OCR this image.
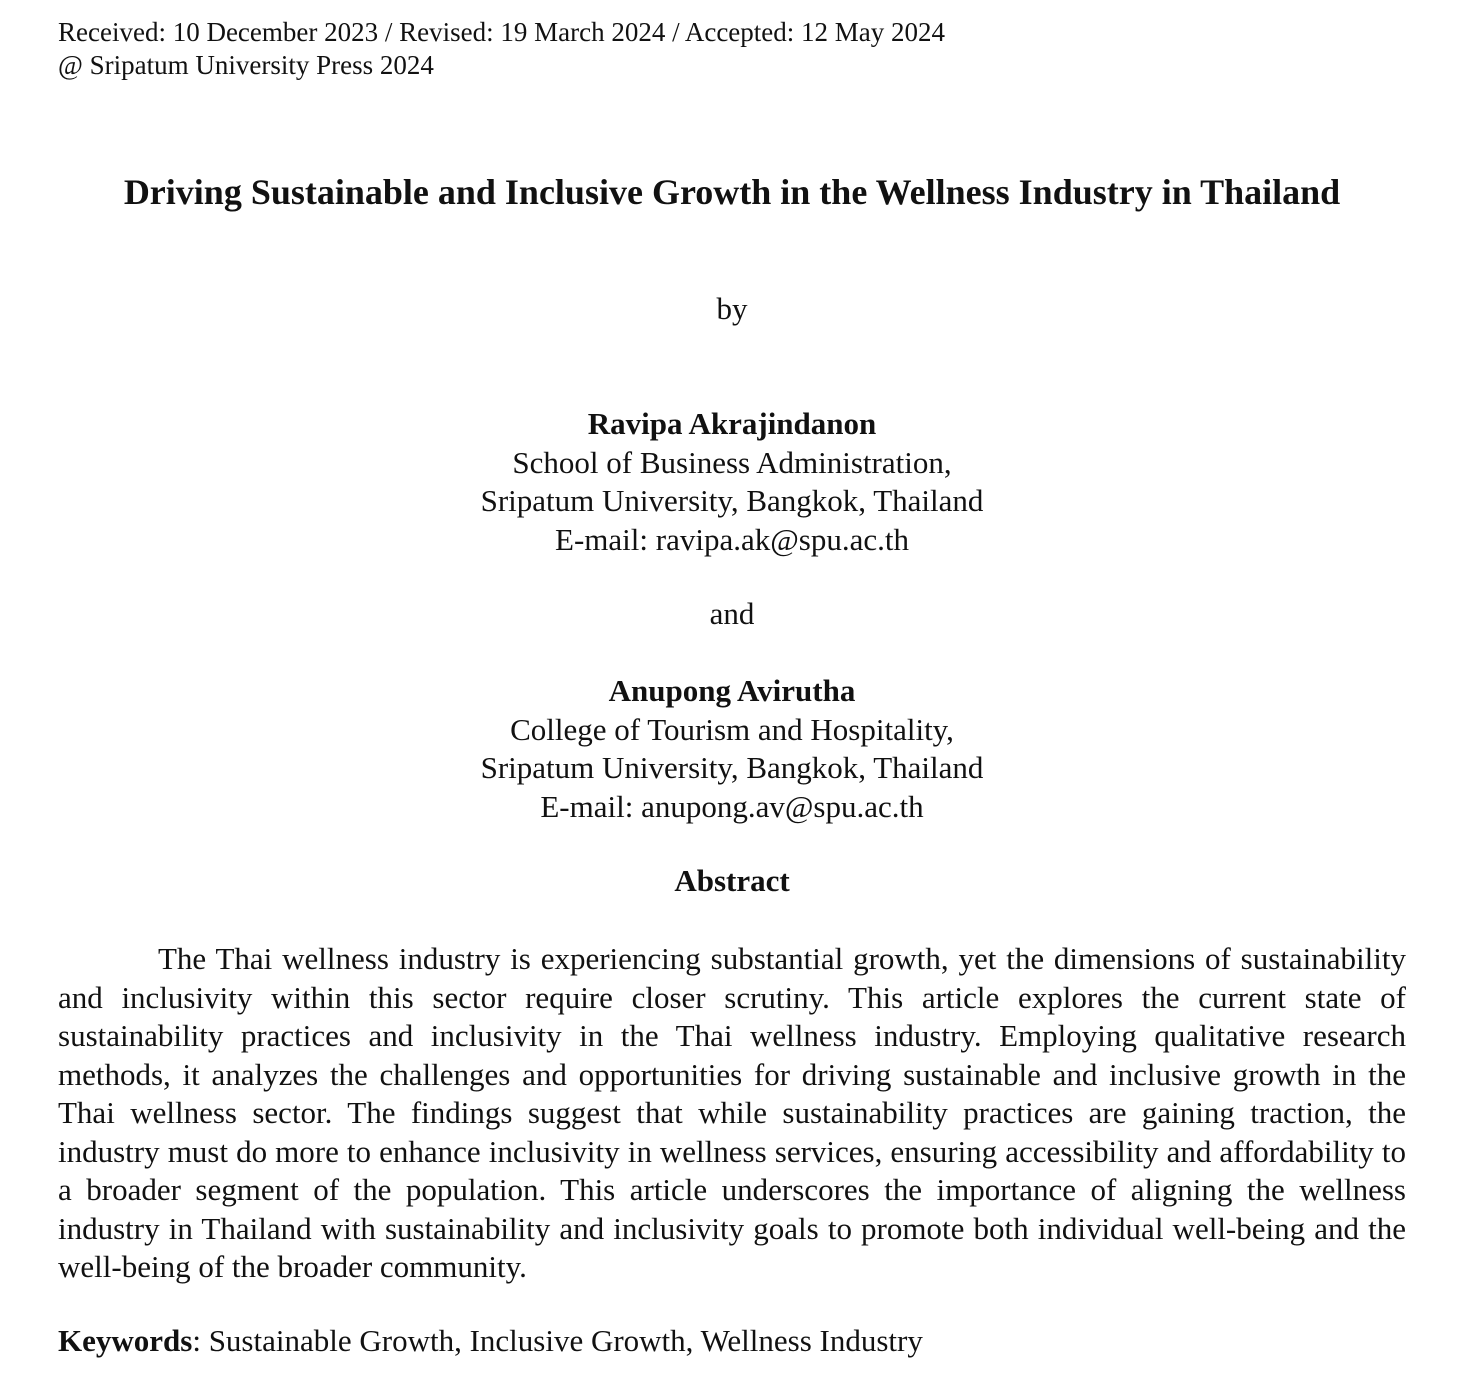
Received: 10 December 2023 / Revised: 19 March 2024 / Accepted: 12 May 2024
@ Sripatum University Press 2024
Driving Sustainable and Inclusive Growth in the Wellness Industry in Thailand
by
Ravipa Akrajindanon
School of Business Administration,
Sripatum University, Bangkok, Thailand
E-mail: ravipa.ak@spu.ac.th
and
Anupong Avirutha
College of Tourism and Hospitality,
Sripatum University, Bangkok, Thailand
E-mail: anupong.av@spu.ac.th
Abstract
The Thai wellness industry is experiencing substantial growth, yet the dimensions of sustainability and inclusivity within this sector require closer scrutiny. This article explores the current state of sustainability practices and inclusivity in the Thai wellness industry. Employing qualitative research methods, it analyzes the challenges and opportunities for driving sustainable and inclusive growth in the Thai wellness sector. The findings suggest that while sustainability practices are gaining traction, the industry must do more to enhance inclusivity in wellness services, ensuring accessibility and affordability to a broader segment of the population. This article underscores the importance of aligning the wellness industry in Thailand with sustainability and inclusivity goals to promote both individual well-being and the well-being of the broader community.
Keywords: Sustainable Growth, Inclusive Growth, Wellness Industry
